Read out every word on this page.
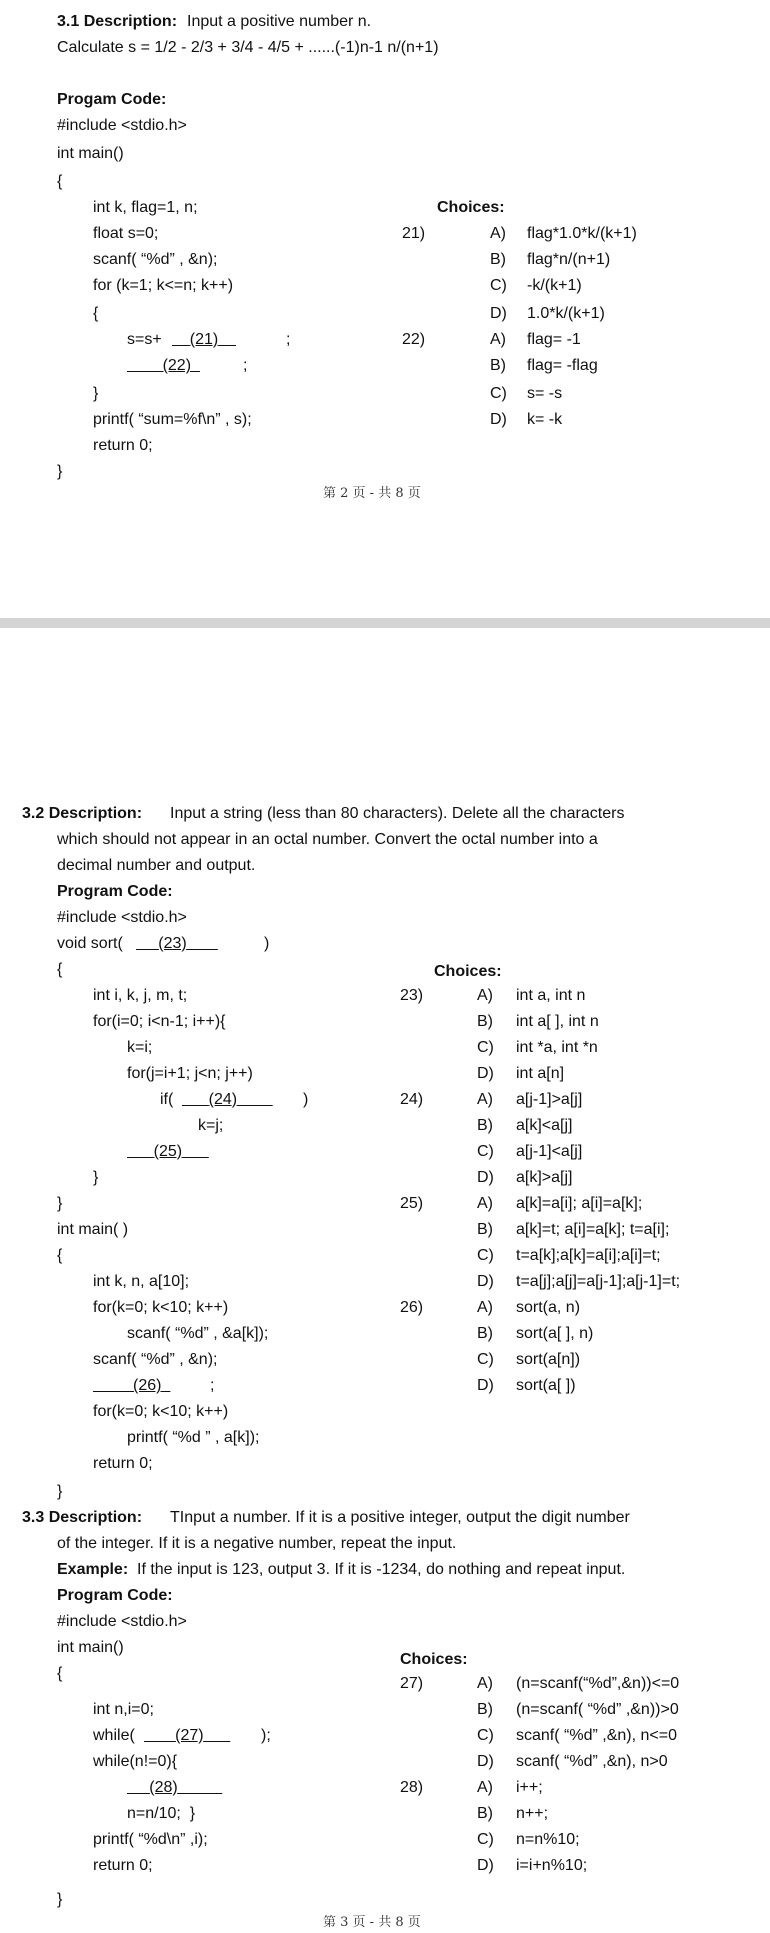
3.1 Description: Input a positive number n.
Calculate s = 1/2 - 2/3 + 3/4 - 4/5 + ......(-1)n-1 n/(n+1)
Progam Code:
#include <stdio.h>
int main()
{
int k, flag=1, n;
float s=0;
scanf( “%d” , &n);
for (k=1; k<=n; k++)
{
s=s+	(21)	;
(22)	;
}
printf( “sum=%f\n” , s);
return 0;
}
Choices:
21)	A) flag*1.0*k/(k+1)
B) flag*n/(n+1)
C) -k/(k+1)
D) 1.0*k/(k+1)
22)	A) flag= -1
B) flag= -flag
C) s= -s
D) k= -k
第 2 页 - 共 8 页
3.2 Description: Input a string (less than 80 characters). Delete all the characters
which should not appear in an octal number. Convert the octal number into a
decimal number and output.
Program Code:
#include <stdio.h>
void sort(	(23)	)
{
int i, k, j, m, t;
for(i=0; i<n-1; i++){
k=i;
for(j=i+1; j<n; j++)
if(	(24)	)
k=j;
(25)
}
}
int main( )
{
int k, n, a[10];
for(k=0; k<10; k++)
scanf( “%d” , &a[k]);
scanf( “%d” , &n);
(26)	;
for(k=0; k<10; k++)
printf( “%d ” , a[k]);
return 0;
}
Choices:
23)	A) int a, int n
B) int a[ ], int n
C) int *a, int *n
D) int a[n]
24)	A) a[j-1]>a[j]
B) a[k]<a[j]
C) a[j-1]<a[j]
D) a[k]>a[j]
25)	A) a[k]=a[i]; a[i]=a[k];
B) a[k]=t; a[i]=a[k]; t=a[i];
C) t=a[k];a[k]=a[i];a[i]=t;
D) t=a[j];a[j]=a[j-1];a[j-1]=t;
26)	A) sort(a, n)
B) sort(a[ ], n)
C) sort(a[n])
D) sort(a[ ])
3.3 Description: TInput a number. If it is a positive integer, output the digit number
of the integer. If it is a negative number, repeat the input.
Example: If the input is 123, output 3. If it is -1234, do nothing and repeat input.
Program Code:
#include <stdio.h>
int main()
{
int n,i=0;
while(	(27)	);
while(n!=0){
(28)
n=n/10;  }
printf( “%d\n” ,i);
return 0;
}
Choices:
27)	A) (n=scanf(“%d”,&n))<=0
B) (n=scanf( “%d” ,&n))>0
C) scanf( “%d” ,&n), n<=0
D) scanf( “%d” ,&n), n>0
28)	A) i++;
B) n++;
C) n=n%10;
D) i=i+n%10;
第 3 页 - 共 8 页
